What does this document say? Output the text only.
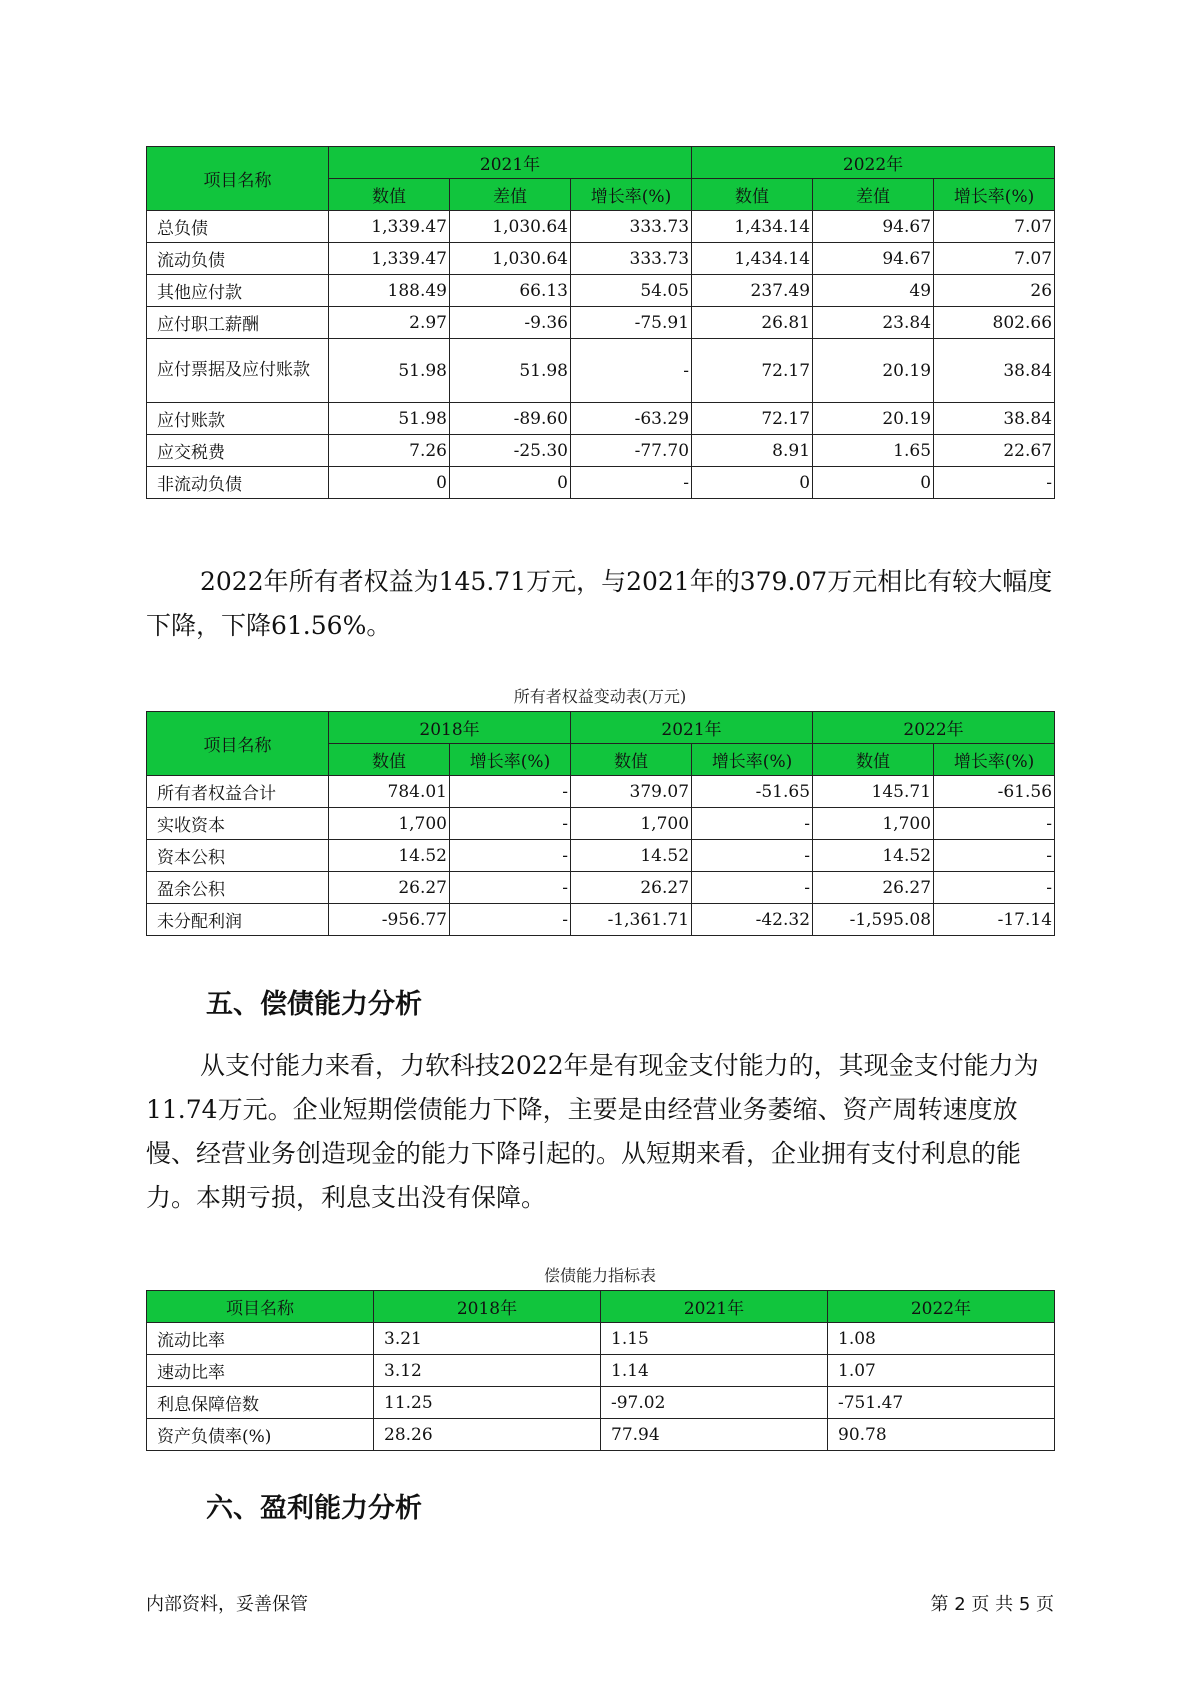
项目名称	2021年			2022年		
	数值	差值	增长率(%)	数值	差值	增长率(%)
总负债	1,339.47	1,030.64	333.73	1,434.14	94.67	7.07
流动负债	1,339.47	1,030.64	333.73	1,434.14	94.67	7.07
其他应付款	188.49	66.13	54.05	237.49	49	26
应付职工薪酬	2.97	-9.36	-75.91	26.81	23.84	802.66
应付票据及应付账款	51.98	51.98	-	72.17	20.19	38.84
应付账款	51.98	-89.60	-63.29	72.17	20.19	38.84
应交税费	7.26	-25.30	-77.70	8.91	1.65	22.67
非流动负债	0	0	-	0	0	-

2022年所有者权益为145.71万元，与2021年的379.07万元相比有较大幅度下降，下降61.56%。

所有者权益变动表(万元)
项目名称	2018年		2021年		2022年	
	数值	增长率(%)	数值	增长率(%)	数值	增长率(%)
所有者权益合计	784.01	-	379.07	-51.65	145.71	-61.56
实收资本	1,700	-	1,700	-	1,700	-
资本公积	14.52	-	14.52	-	14.52	-
盈余公积	26.27	-	26.27	-	26.27	-
未分配利润	-956.77	-	-1,361.71	-42.32	-1,595.08	-17.14
五、偿债能力分析

从支付能力来看，力软科技2022年是有现金支付能力的，其现金支付能力为11.74万元。企业短期偿债能力下降，主要是由经营业务萎缩、资产周转速度放慢、经营业务创造现金的能力下降引起的。从短期来看，企业拥有支付利息的能力。本期亏损，利息支出没有保障。

偿债能力指标表
项目名称	2018年	2021年	2022年
流动比率	3.21	1.15	1.08
速动比率	3.12	1.14	1.07
利息保障倍数	11.25	-97.02	-751.47
资产负债率(%)	28.26	77.94	90.78
六、盈利能力分析
内部资料，妥善保管	第 2 页 共 5 页
